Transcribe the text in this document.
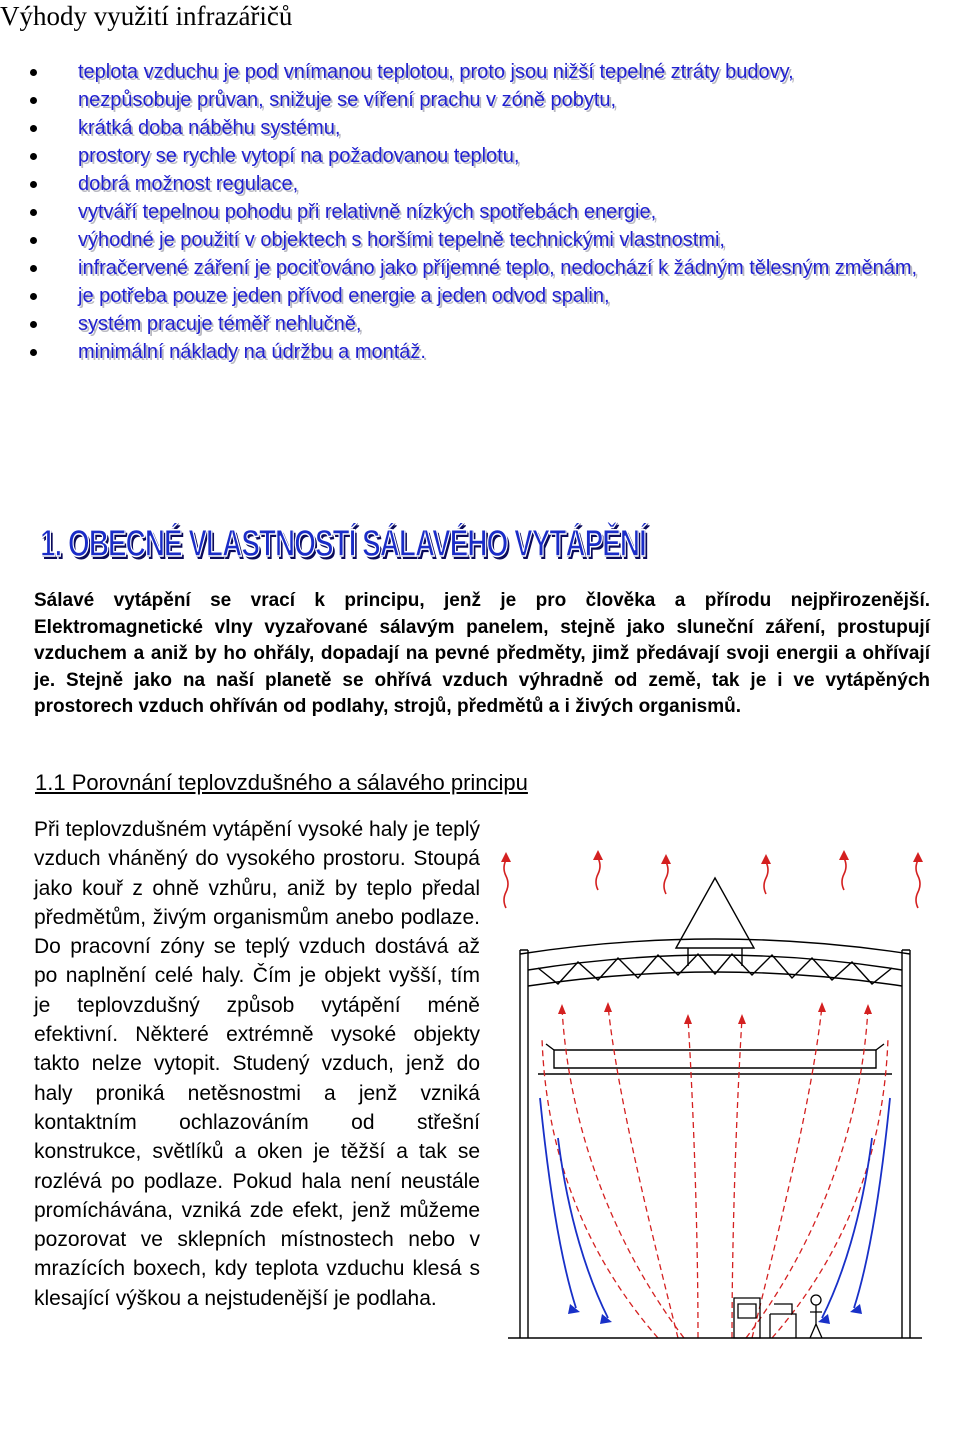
Výhody využití infrazářičů
teplota vzduchu je pod vnímanou teplotou, proto jsou nižší tepelné ztráty budovy,
nezpůsobuje průvan, snižuje se víření prachu v zóně pobytu,
krátká doba náběhu systému,
prostory se rychle vytopí na požadovanou teplotu,
dobrá možnost regulace,
vytváří tepelnou pohodu při relativně nízkých spotřebách energie,
výhodné je použití v objektech s horšími tepelně technickými vlastnostmi,
infračervené záření je pociťováno jako příjemné teplo, nedochází k žádným tělesným změnám,
je potřeba pouze jeden přívod energie a jeden odvod spalin,
systém pracuje téměř nehlučně,
minimální náklady na údržbu a montáž.
1. OBECNÉ VLASTNOSTÍ SÁLAVÉHO VYTÁPĚNÍ

Sálavé vytápění se vrací k principu, jenž je pro člověka a přírodu nejpřirozenější. Elektromagnetické vlny vyzařované sálavým panelem, stejně jako sluneční záření, prostupují vzduchem a aniž by ho ohřály, dopadají na pevné předměty, jimž předávají svoji energii a ohřívají je. Stejně jako na naší planetě se ohřívá vzduch výhradně od země, tak je i ve vytápěných prostorech vzduch ohříván od podlahy, strojů, předmětů a i živých organismů.

1.1 Porovnání teplovzdušného a sálavého principu

Při teplovzdušném vytápění vysoké haly je teplý vzduch vháněný do vysokého prostoru. Stoupá jako kouř z ohně vzhůru, aniž by teplo předal předmětům, živým organismům anebo podlaze. Do pracovní zóny se teplý vzduch dostává až po naplnění celé haly. Čím je objekt vyšší, tím je teplovzdušný způsob vytápění méně efektivní. Některé extrémně vysoké objekty takto nelze vytopit. Studený vzduch, jenž do haly proniká netěsnostmi a jenž vzniká kontaktním ochlazováním od střešní konstrukce, světlíků a oken je těžší a tak se rozlévá po podlaze. Pokud hala není neustále promíchávána, vzniká zde efekt, jenž můžeme pozorovat ve sklepních místnostech nebo v mrazících boxech, kdy teplota vzduchu klesá s klesající výškou a nejstudenější je podlaha.
